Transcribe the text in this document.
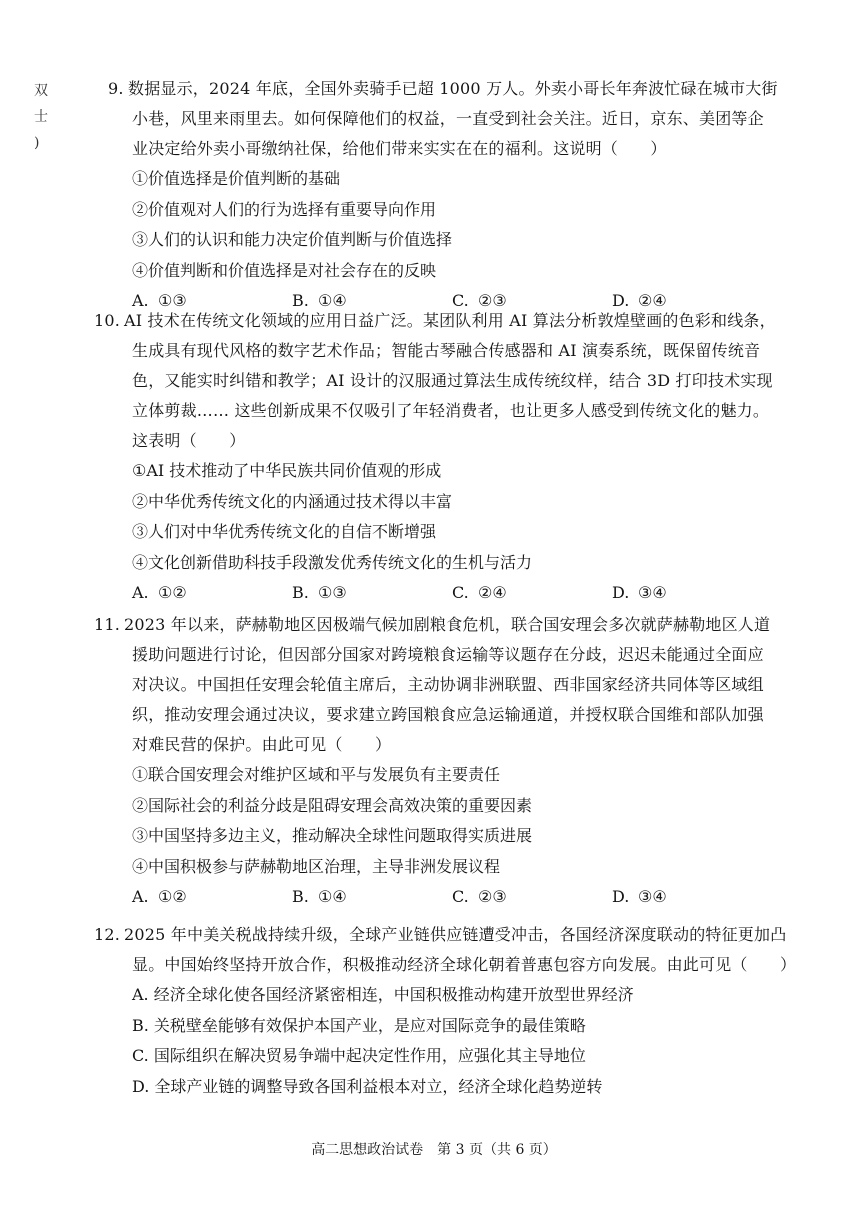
双
士
)
9. 数据显示，2024 年底，全国外卖骑手已超 1000 万人。外卖小哥长年奔波忙碌在城市大街
小巷，风里来雨里去。如何保障他们的权益，一直受到社会关注。近日，京东、美团等企
业决定给外卖小哥缴纳社保，给他们带来实实在在的福利。这说明（　　）
①价值选择是价值判断的基础
②价值观对人们的行为选择有重要导向作用
③人们的认识和能力决定价值判断与价值选择
④价值判断和价值选择是对社会存在的反映
A. ①③	B. ①④	C. ②③	D. ②④
10. AI 技术在传统文化领域的应用日益广泛。某团队利用 AI 算法分析敦煌壁画的色彩和线条，
生成具有现代风格的数字艺术作品；智能古琴融合传感器和 AI 演奏系统，既保留传统音
色，又能实时纠错和教学；AI 设计的汉服通过算法生成传统纹样，结合 3D 打印技术实现
立体剪裁…… 这些创新成果不仅吸引了年轻消费者，也让更多人感受到传统文化的魅力。
这表明（　　）
①AI 技术推动了中华民族共同价值观的形成
②中华优秀传统文化的内涵通过技术得以丰富
③人们对中华优秀传统文化的自信不断增强
④文化创新借助科技手段激发优秀传统文化的生机与活力
A. ①②	B. ①③	C. ②④	D. ③④
11. 2023 年以来，萨赫勒地区因极端气候加剧粮食危机，联合国安理会多次就萨赫勒地区人道
援助问题进行讨论，但因部分国家对跨境粮食运输等议题存在分歧，迟迟未能通过全面应
对决议。中国担任安理会轮值主席后，主动协调非洲联盟、西非国家经济共同体等区域组
织，推动安理会通过决议，要求建立跨国粮食应急运输通道，并授权联合国维和部队加强
对难民营的保护。由此可见（　　）
①联合国安理会对维护区域和平与发展负有主要责任
②国际社会的利益分歧是阻碍安理会高效决策的重要因素
③中国坚持多边主义，推动解决全球性问题取得实质进展
④中国积极参与萨赫勒地区治理，主导非洲发展议程
A. ①②	B. ①④	C. ②③	D. ③④
12. 2025 年中美关税战持续升级，全球产业链供应链遭受冲击，各国经济深度联动的特征更加凸
显。中国始终坚持开放合作，积极推动经济全球化朝着普惠包容方向发展。由此可见（　　）
A. 经济全球化使各国经济紧密相连，中国积极推动构建开放型世界经济
B. 关税壁垒能够有效保护本国产业，是应对国际竞争的最佳策略
C. 国际组织在解决贸易争端中起决定性作用，应强化其主导地位
D. 全球产业链的调整导致各国利益根本对立，经济全球化趋势逆转
高二思想政治试卷　第 3 页（共 6 页）
